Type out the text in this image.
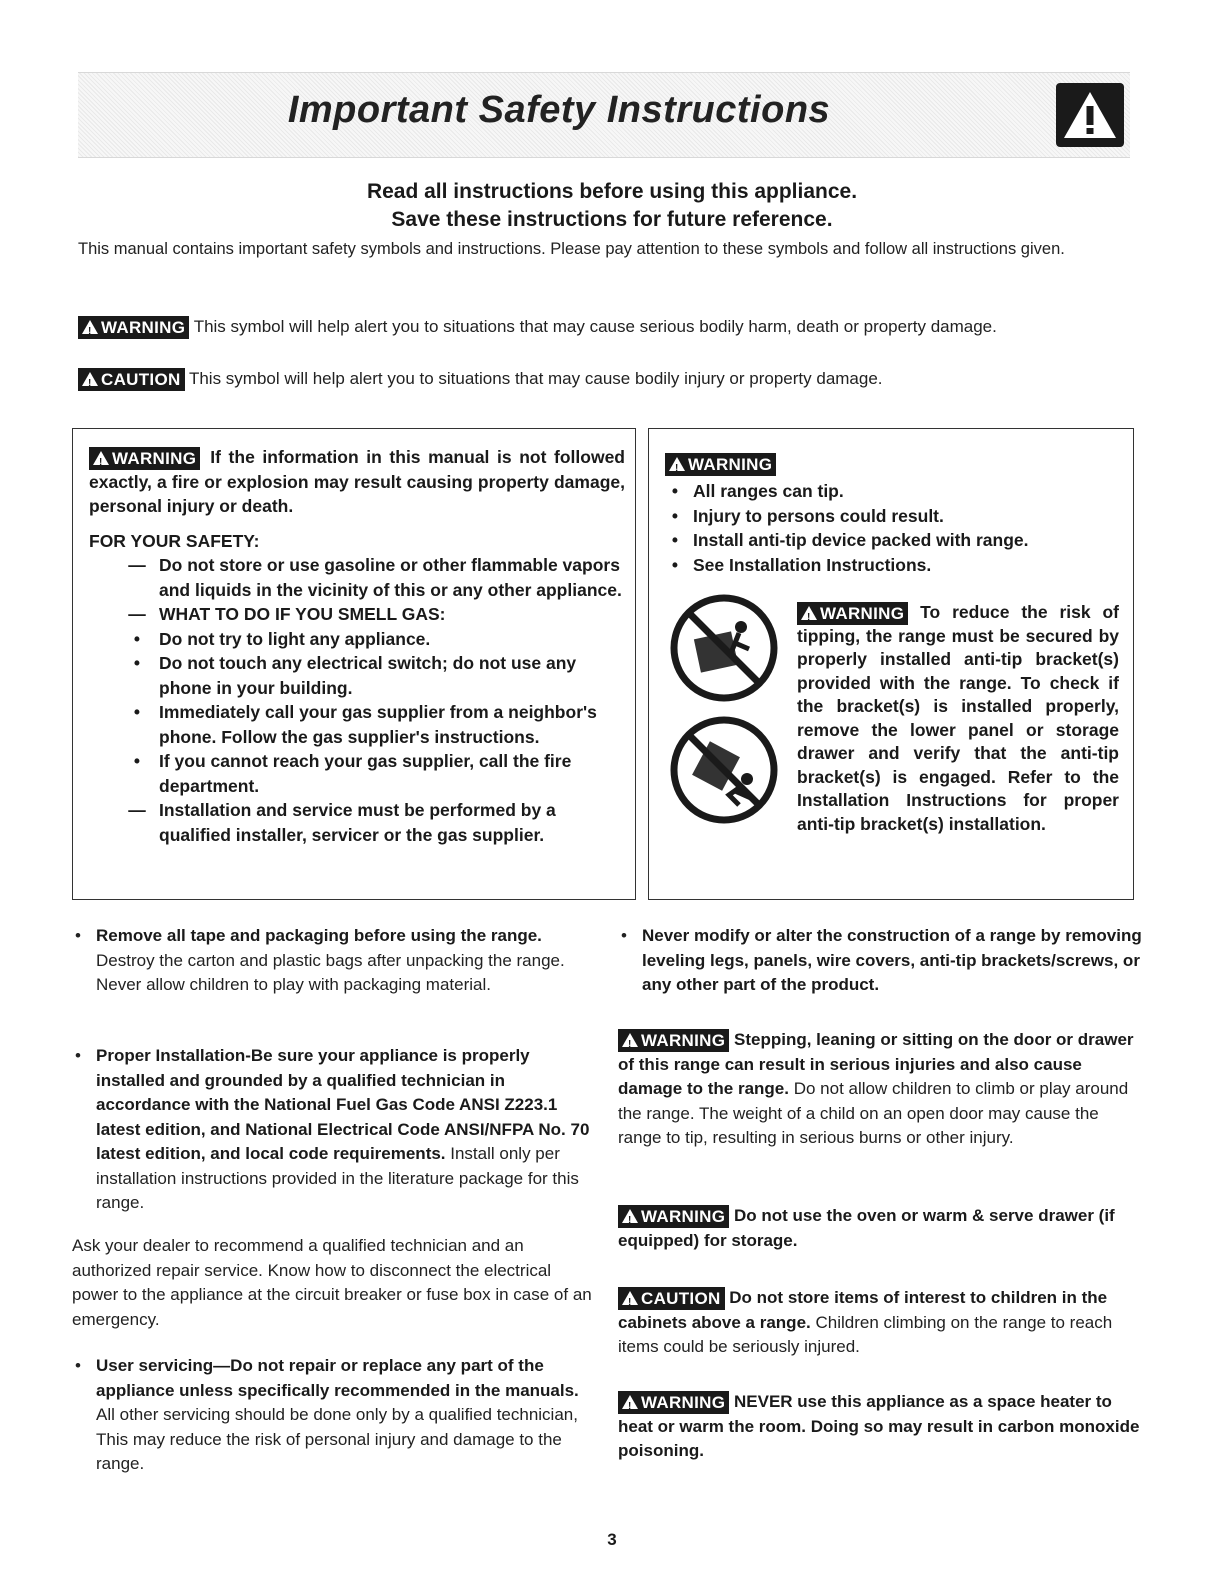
Important Safety Instructions
Read all instructions before using this appliance.
Save these instructions for future reference.
This manual contains important safety symbols and instructions. Please pay attention to these symbols and follow all instructions given.
!WARNING This symbol will help alert you to situations that may cause serious bodily harm, death or property damage.
!CAUTION This symbol will help alert you to situations that may cause bodily injury or property damage.
!WARNING If the information in this manual is not followed exactly, a fire or explosion may result causing property damage, personal injury or death.
FOR YOUR SAFETY:
— Do not store or use gasoline or other flammable vapors and liquids in the vicinity of this or any other appliance.
— WHAT TO DO IF YOU SMELL GAS:
•	Do not try to light any appliance.
•	Do not touch any electrical switch; do not use any phone in your building.
•	Immediately call your gas supplier from a neighbor's phone. Follow the gas supplier's instructions.
•	If you cannot reach your gas supplier, call the fire department.
— Installation and service must be performed by a qualified installer, servicer or the gas supplier.
!WARNING
• All ranges can tip.
• Injury to persons could result.
• Install anti-tip device packed with range.
• See Installation Instructions.
!WARNING To reduce the risk of tipping, the range must be secured by properly installed anti-tip bracket(s) provided with the range. To check if the bracket(s) is installed properly, remove the lower panel or storage drawer and verify that the anti-tip bracket(s) is engaged. Refer to the Installation Instructions for proper anti-tip bracket(s) installation.
• Remove all tape and packaging before using the range. Destroy the carton and plastic bags after unpacking the range. Never allow children to play with packaging material.
• Proper Installation-Be sure your appliance is properly installed and grounded by a qualified technician in accordance with the National Fuel Gas Code ANSI Z223.1 latest edition, and National Electrical Code ANSI/NFPA No. 70 latest edition, and local code requirements. Install only per installation instructions provided in the literature package for this range.
Ask your dealer to recommend a qualified technician and an authorized repair service. Know how to disconnect the electrical power to the appliance at the circuit breaker or fuse box in case of an emergency.
• User servicing—Do not repair or replace any part of the appliance unless specifically recommended in the manuals. All other servicing should be done only by a qualified technician, This may reduce the risk of personal injury and damage to the range.
• Never modify or alter the construction of a range by removing leveling legs, panels, wire covers, anti-tip brackets/screws, or any other part of the product.
!WARNING Stepping, leaning or sitting on the door or drawer of this range can result in serious injuries and also cause damage to the range. Do not allow children to climb or play around the range. The weight of a child on an open door may cause the range to tip, resulting in serious burns or other injury.
!WARNING Do not use the oven or warm & serve drawer (if equipped) for storage.
!CAUTION Do not store items of interest to children in the cabinets above a range. Children climbing on the range to reach items could be seriously injured.
!WARNING NEVER use this appliance as a space heater to heat or warm the room. Doing so may result in carbon monoxide poisoning.
3
